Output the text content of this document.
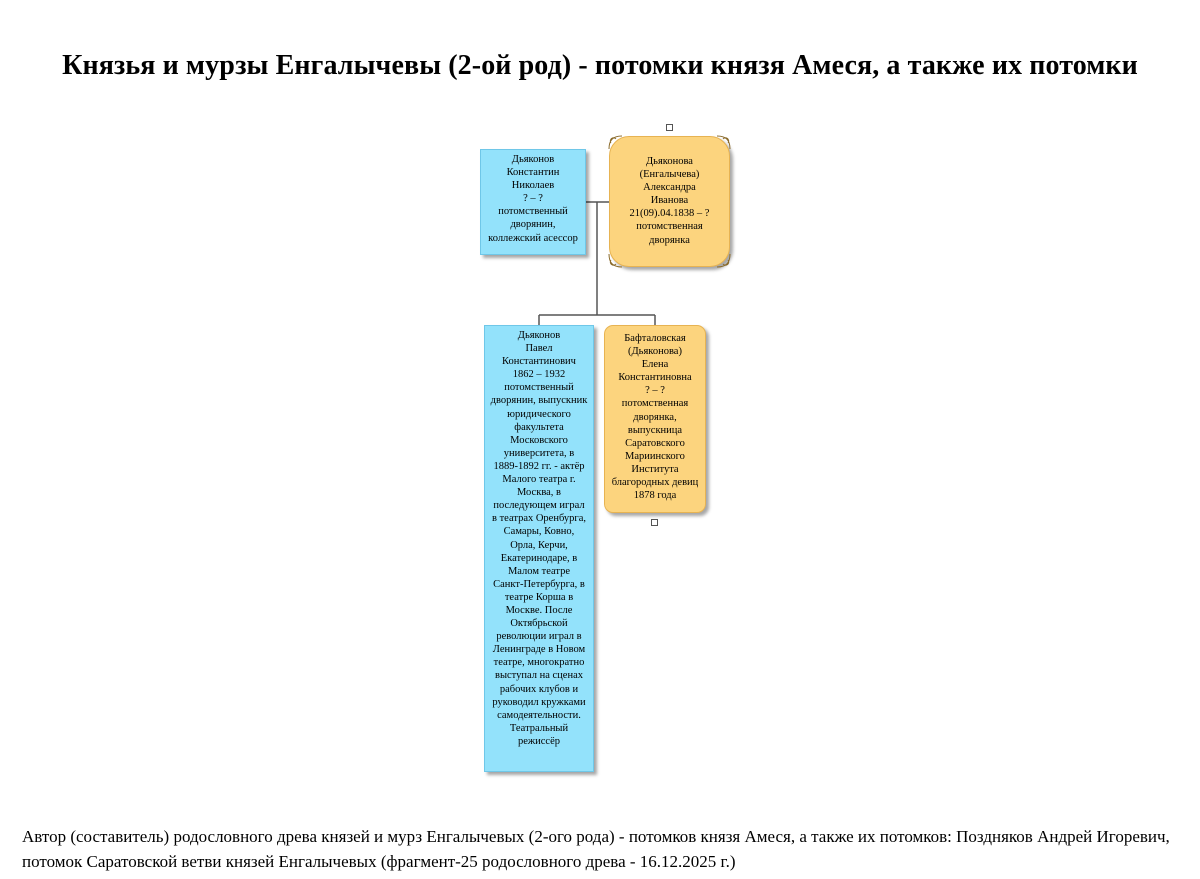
Князья и мурзы Енгалычевы (2-ой род) - потомки князя Амеся, а также их потомки
Дьяконов
Константин
Николаев
? – ?
потомственный
дворянин,
коллежский асессор
Дьяконова
(Енгалычева)
Александра
Иванова
21(09).04.1838 – ?
потомственная
дворянка
Дьяконов
Павел
Константинович
1862 – 1932
потомственный
дворянин, выпускник
юридического
факультета
Московского
университета, в
1889-1892 гг. - актёр
Малого театра г.
Москва, в
последующем играл
в театрах Оренбурга,
Самары, Ковно,
Орла, Керчи,
Екатеринодаре, в
Малом театре
Санкт-Петербурга, в
театре Корша в
Москве. После
Октябрьской
революции играл в
Ленинграде в Новом
театре, многократно
выступал на сценах
рабочих клубов и
руководил кружками
самодеятельности.
Театральный
режиссёр
Бафталовская
(Дьяконова)
Елена
Константиновна
? – ?
потомственная
дворянка,
выпускница
Саратовского
Мариинского
Института
благородных девиц
1878 года
Автор (составитель) родословного древа князей и мурз Енгалычевых (2-ого рода) - потомков князя Амеся, а также их потомков: Поздняков Андрей Игоревич, потомок Саратовской ветви князей Енгалычевых (фрагмент-25 родословного древа - 16.12.2025 г.)
